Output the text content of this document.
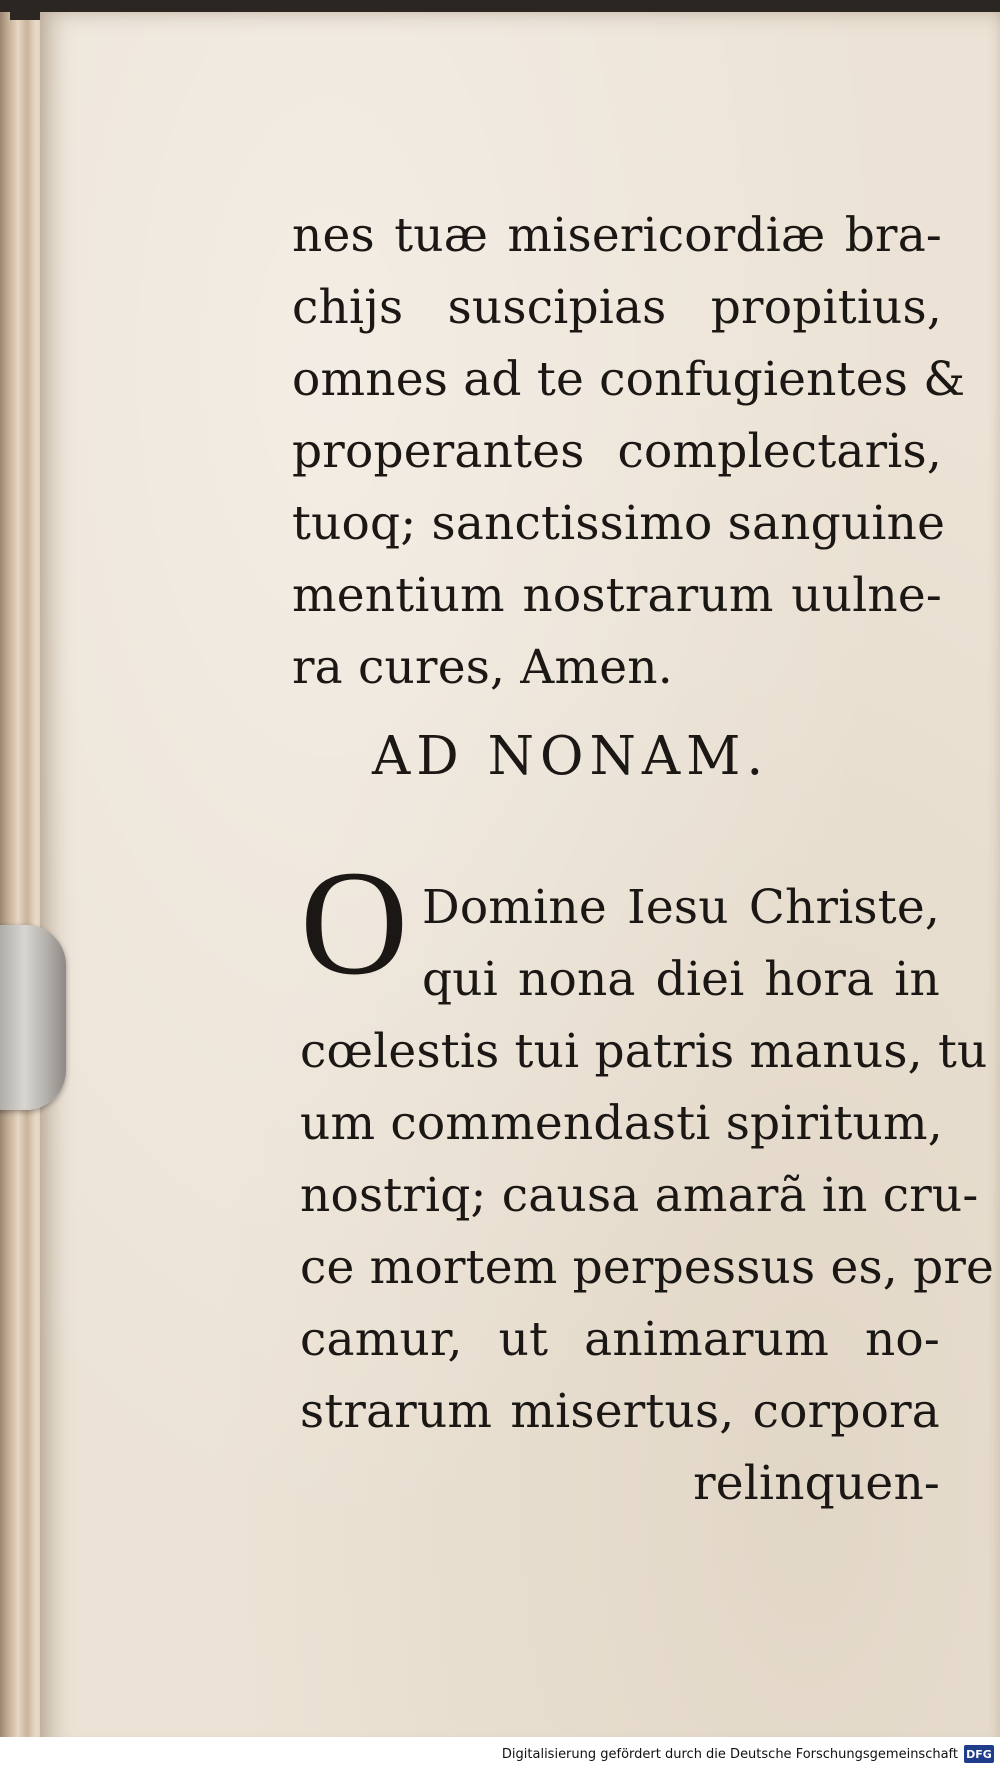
nes tuæ misericordiæ bra-
chijs suscipias propitius,
omnes ad te confugientes &
properantes complectaris,
tuoq; sanctissimo sanguine
mentium nostrarum uulne-
ra cures, Amen.
AD NONAM.
O Domine Iesu Christe,
qui nona diei hora in
cœlestis tui patris manus, tu
um commendasti spiritum,
nostriq; causa amarã in cru-
ce mortem perpessus es, pre
camur, ut animarum no-
strarum misertus, corpora
relinquen-
Digitalisierung gefördert durch die Deutsche Forschungsgemeinschaft DFG
